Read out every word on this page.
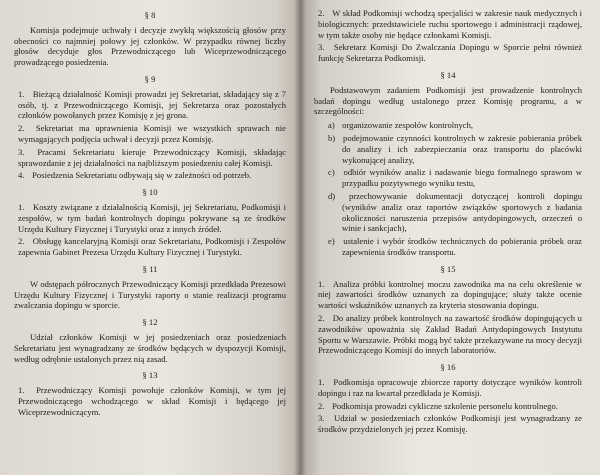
§ 8

Komisja podejmuje uchwały i decyzje zwykłą większością głosów przy obecności co najmniej połowy jej członków. W przypadku równej liczby głosów decyduje głos Przewodniczącego lub Wiceprzewodniczącego prowadzącego posiedzenia.

§ 9
1. Bieżącą działalność Komisji prowadzi jej Sekretariat, składający się z 7 osób, tj. z Przewodniczącego Komisji, jej Sekretarza oraz pozostałych członków powołanych przez Komisję z jej grona.
2. Sekretariat ma uprawnienia Komisji we wszystkich sprawach nie wymagających podjęcia uchwał i decyzji przez Komisję.
3. Pracami Sekretariatu kieruje Przewodniczący Komisji, składając sprawozdanie z jej działalności na najbliższym posiedzeniu całej Komisji.
4. Posiedzenia Sekretariatu odbywają się w zależności od potrzeb.
§ 10
1. Koszty związane z działalnością Komisji, jej Sekretariatu, Podkomisji i zespołów, w tym badań kontrolnych dopingu pokrywane są ze środków Urzędu Kultury Fizycznej i Turystyki oraz z innych źródeł.
2. Obsługę kancelaryjną Komisji oraz Sekretariatu, Podkomisji i Zespołów zapewnia Gabinet Prezesa Urzędu Kultury Fizycznej i Turystyki.
§ 11

W odstępach półrocznych Przewodniczący Komisji przedkłada Prezesowi Urzędu Kultury Fizycznej i Turystyki raporty o stanie realizacji programu zwalczania dopingu w sporcie.

§ 12

Udział członków Komisji w jej posiedzeniach oraz posiedzeniach Sekretariatu jest wynagradzany ze środków będących w dyspozycji Komisji, według odrębnie ustalonych przez nią zasad.

§ 13
1. Przewodniczący Komisji powołuje członków Komisji, w tym jej Przewodniczącego wchodzącego w skład Komisji i będącego jej Wiceprzewodniczącym.
2. W skład Podkomisji wchodzą specjaliści w zakresie nauk medycznych i biologicznych: przedstawiciele ruchu sportowego i administracji rządowej, w tym także osoby nie będące członkami Komisji.
3. Sekretarz Komisji Do Zwalczania Dopingu w Sporcie pełni również funkcję Sekretarza Podkomisji.
§ 14

Podstawowym zadaniem Podkomisji jest prowadzenie kontrolnych badań dopingu według ustalonego przez Komisję programu, a w szczególności:

a) organizowanie zespołów kontrolnych,
b) podejmowanie czynności kontrolnych w zakresie pobierania próbek do analizy i ich zabezpieczania oraz transportu do placówki wykonującej analizy,
c) odbiór wyników analiz i nadawanie biegu formalnego sprawom w przypadku pozytywnego wyniku testu,
d) przechowywanie dokumentacji dotyczącej kontroli dopingu (wyników analiz oraz raportów związków sportowych z badania okoliczności naruszenia przepisów antydopingowych, orzeczeń o winie i sankcjach),
e) ustalenie i wybór środków technicznych do pobierania próbek oraz zapewnienia środków transportu.
§ 15
1. Analiza próbki kontrolnej moczu zawodnika ma na celu określenie w niej zawartości środków uznanych za dopingujące; służy także ocenie wartości wskaźników uznanych za kryteria stosowania dopingu.
2. Do analizy próbek kontrolnych na zawartość środków dopingujących u zawodników upoważnia się Zakład Badań Antydopingowych Instytutu Sportu w Warszawie. Próbki mogą być także przekazywane na mocy decyzji Przewodniczącego Komisji do innych laboratoriów.
§ 16
1. Podkomisja opracowuje zbiorcze raporty dotyczące wyników kontroli dopingu i raz na kwartał przedkłada je Komisji.
2. Podkomisja prowadzi cykliczne szkolenie personelu kontrolnego.
3. Udział w posiedzeniach członków Podkomisji jest wynagradzany ze środków przydzielonych jej przez Komisję.
